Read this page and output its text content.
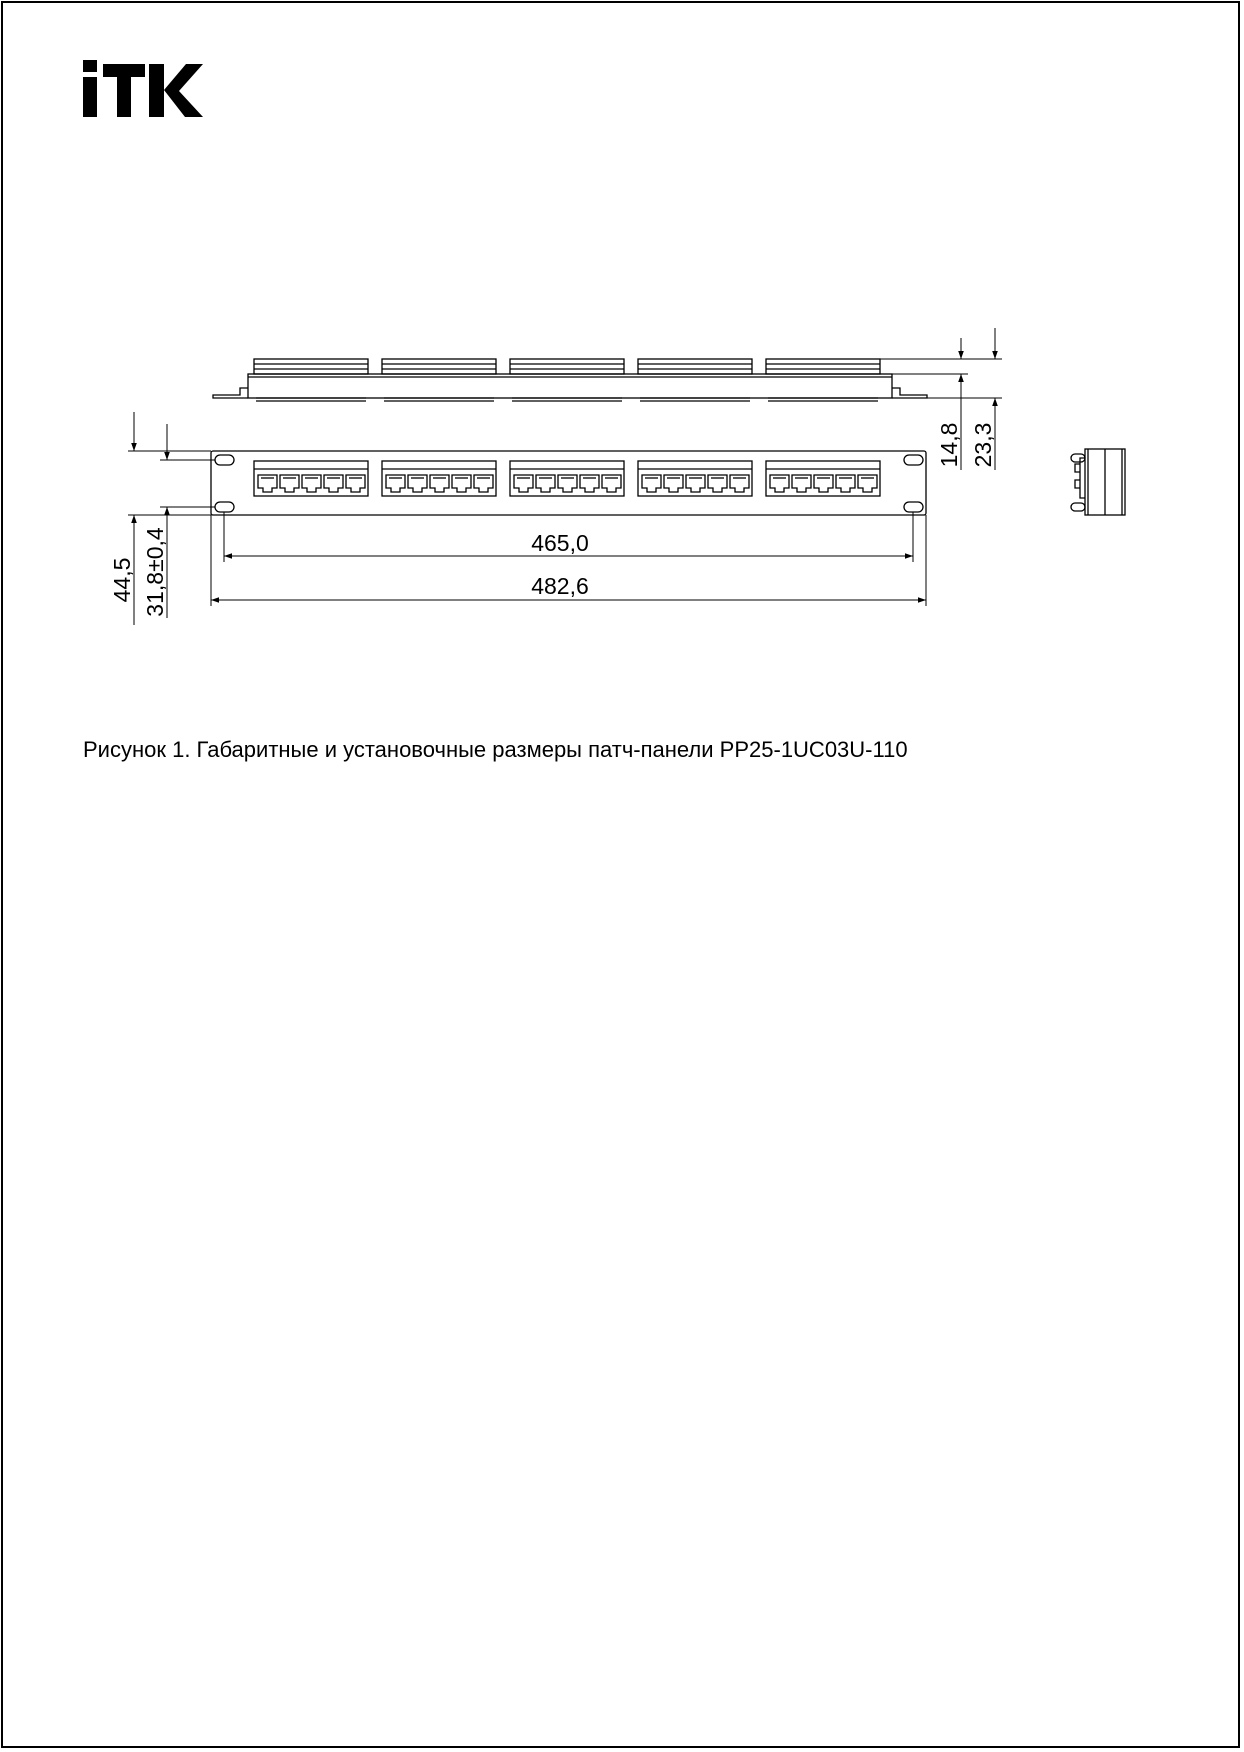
14,8 23,3
465,0
482,6
44,5 31,8±0,4
Рисунок 1. Габаритные и установочные размеры патч-панели PP25-1UC03U-110
